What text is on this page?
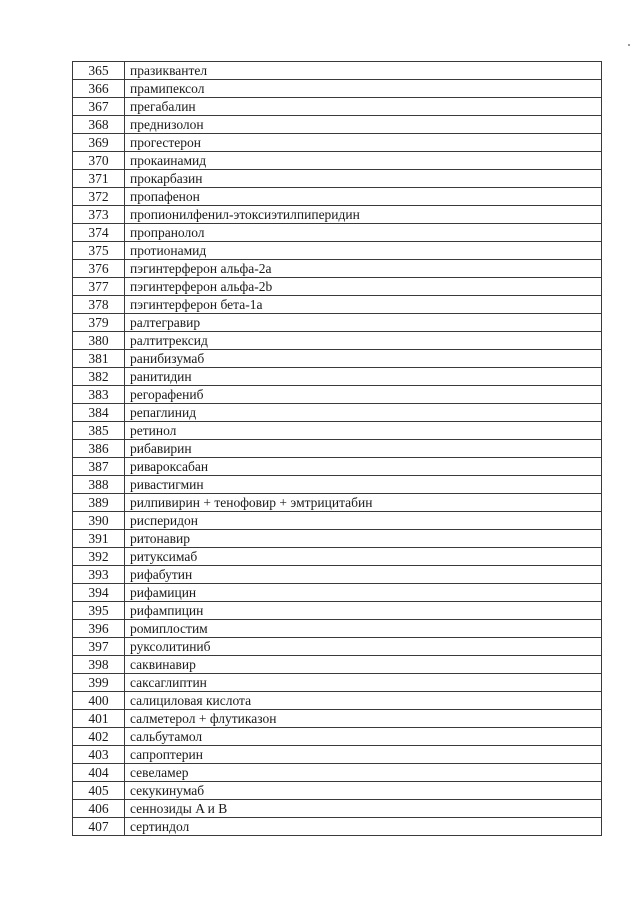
365	празиквантел
366	прамипексол
367	прегабалин
368	преднизолон
369	прогестерон
370	прокаинамид
371	прокарбазин
372	пропафенон
373	пропионилфенил-этоксиэтилпиперидин
374	пропранолол
375	протионамид
376	пэгинтерферон альфа-2a
377	пэгинтерферон альфа-2b
378	пэгинтерферон бета-1a
379	ралтегравир
380	ралтитрексид
381	ранибизумаб
382	ранитидин
383	регорафениб
384	репаглинид
385	ретинол
386	рибавирин
387	ривароксабан
388	ривастигмин
389	рилпивирин + тенофовир + эмтрицитабин
390	рисперидон
391	ритонавир
392	ритуксимаб
393	рифабутин
394	рифамицин
395	рифампицин
396	ромиплостим
397	руксолитиниб
398	саквинавир
399	саксаглиптин
400	салициловая кислота
401	салметерол + флутиказон
402	сальбутамол
403	сапроптерин
404	севеламер
405	секукинумаб
406	сеннозиды A и B
407	сертиндол
